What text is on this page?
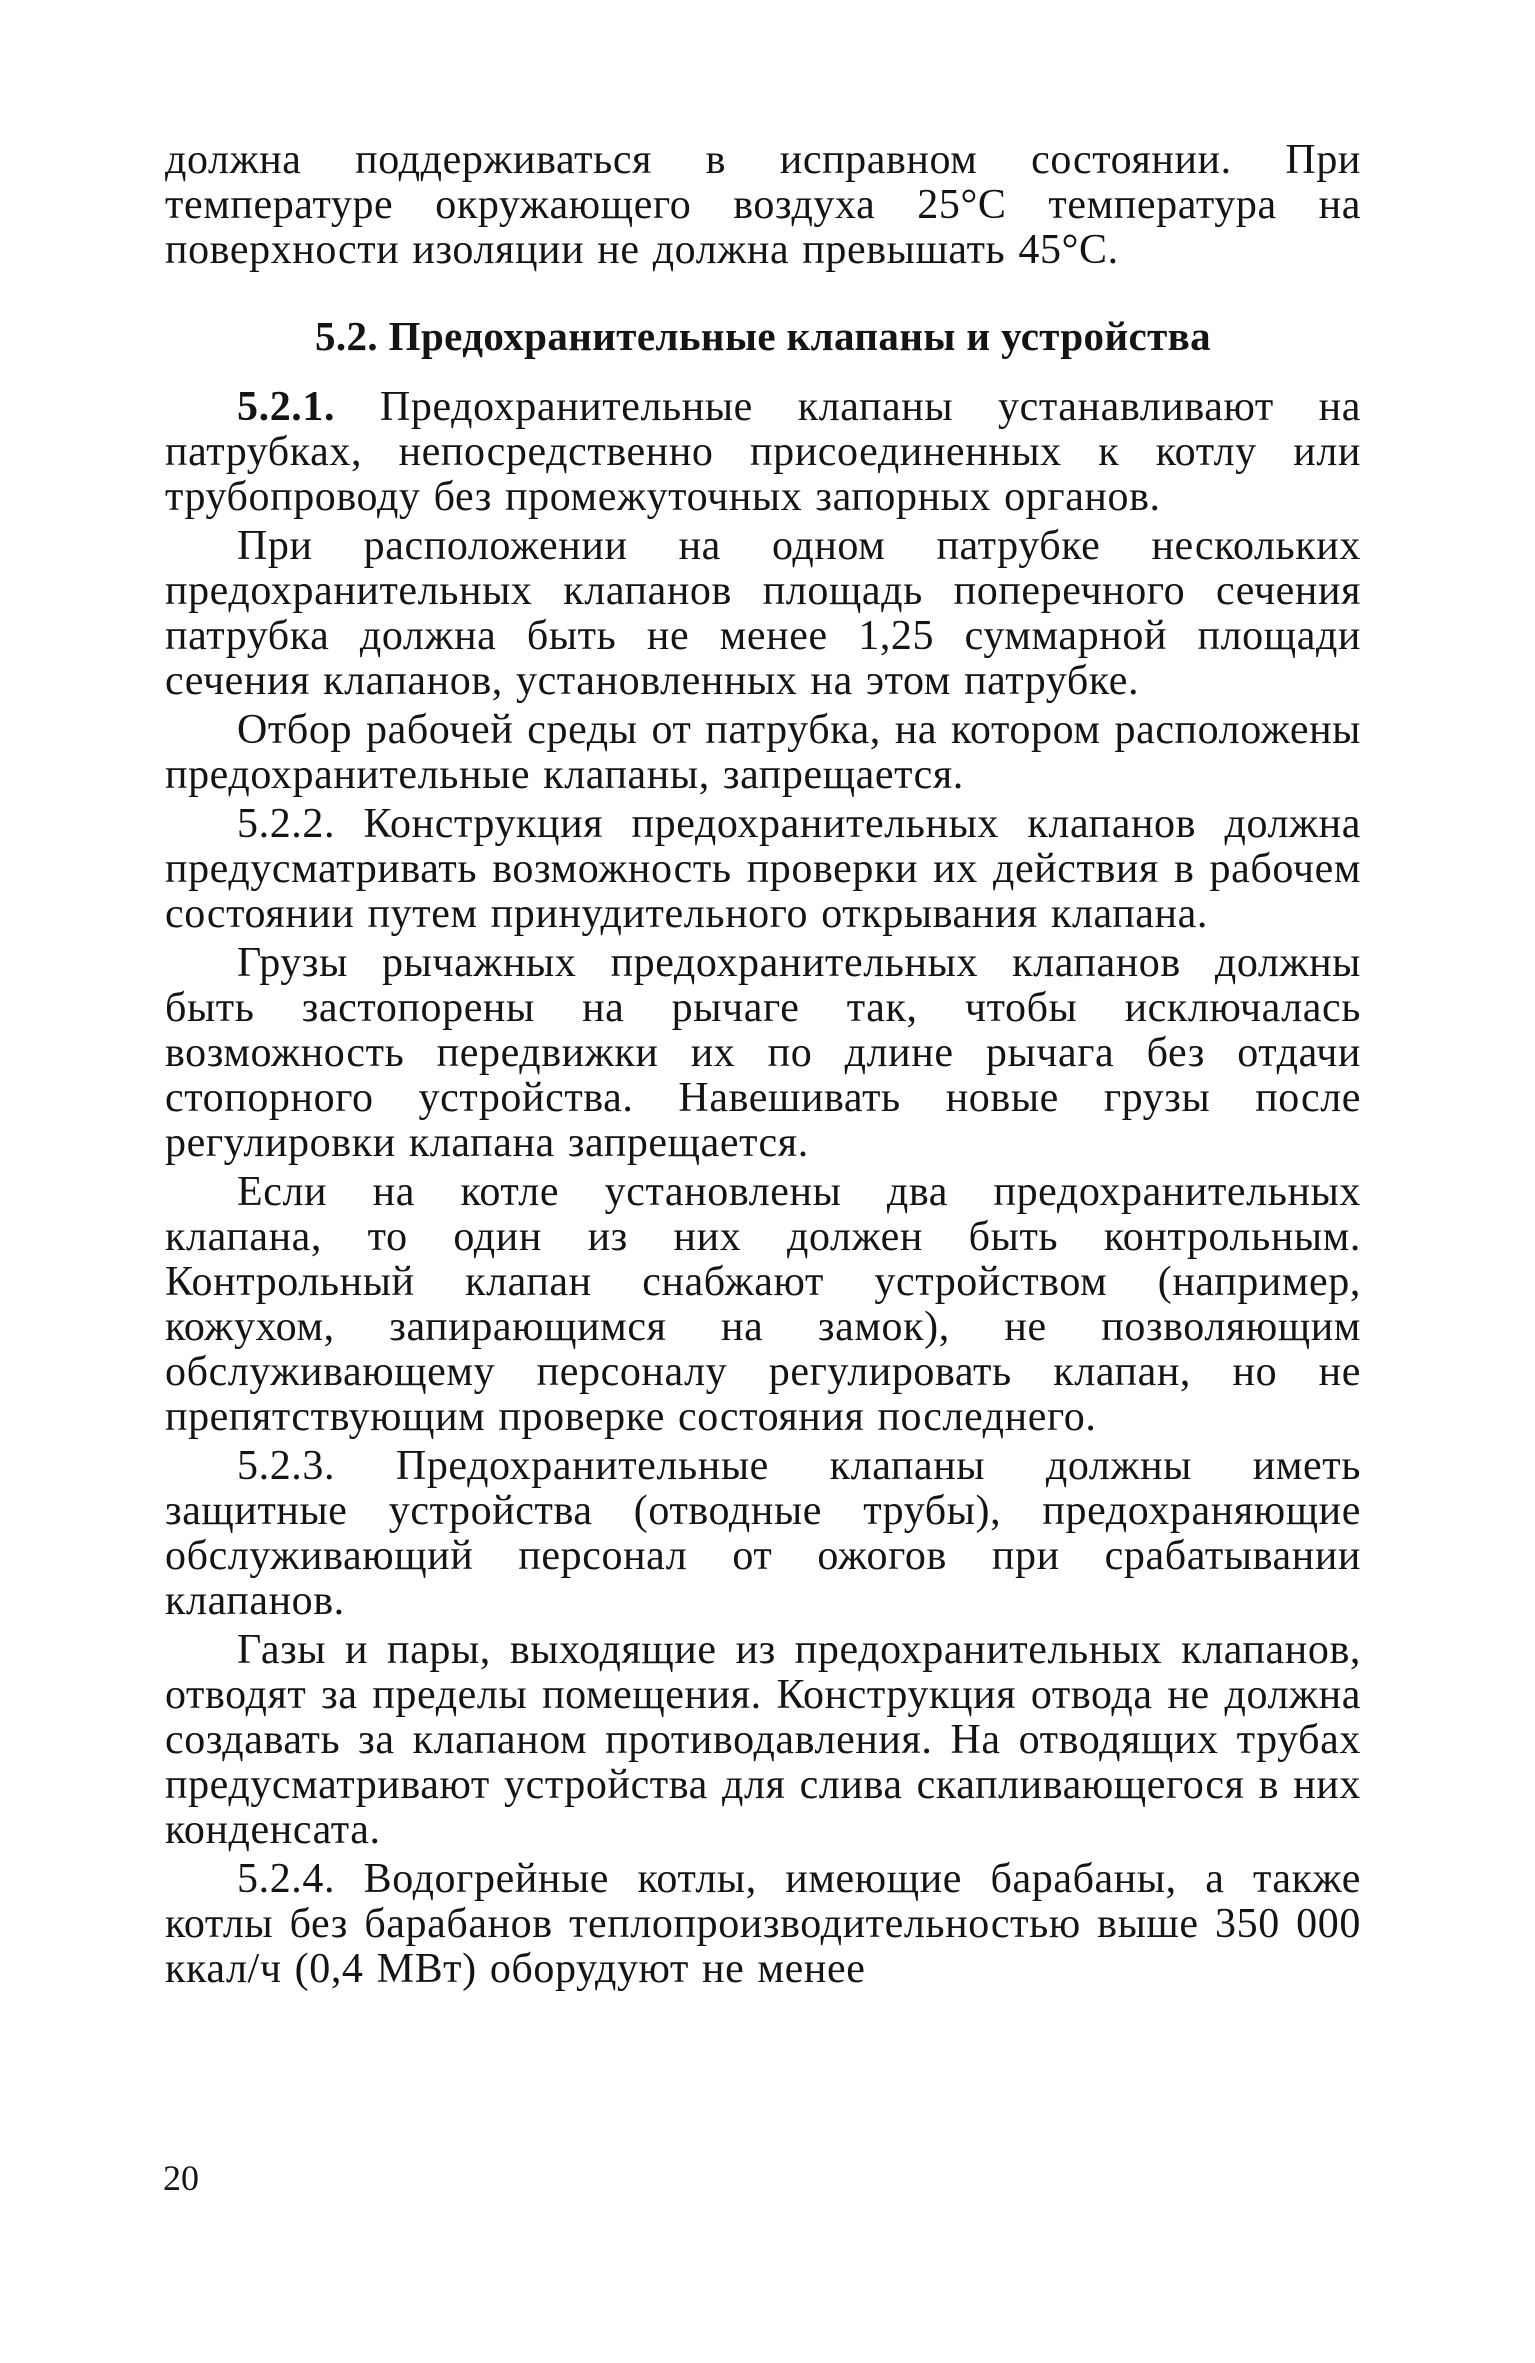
должна поддерживаться в исправном состоянии. При температуре окружающего воздуха 25°C температура на поверхности изоляции не должна превышать 45°C.

5.2. Предохранительные клапаны и устройства

5.2.1. Предохранительные клапаны устанавливают на патрубках, непосредственно присоединенных к котлу или трубопроводу без промежуточных запорных органов.

При расположении на одном патрубке нескольких предохранительных клапанов площадь поперечного сечения патрубка должна быть не менее 1,25 суммарной площади сечения клапанов, установленных на этом патрубке.

Отбор рабочей среды от патрубка, на котором расположены предохранительные клапаны, запрещается.

5.2.2. Конструкция предохранительных клапанов должна предусматривать возможность проверки их действия в рабочем состоянии путем принудительного открывания клапана.

Грузы рычажных предохранительных клапанов должны быть застопорены на рычаге так, чтобы исключалась возможность передвижки их по длине рычага без отдачи стопорного устройства. Навешивать новые грузы после регулировки клапана запрещается.

Если на котле установлены два предохранительных клапана, то один из них должен быть контрольным. Контрольный клапан снабжают устройством (например, кожухом, запирающимся на замок), не позволяющим обслуживающему персоналу регулировать клапан, но не препятствующим проверке состояния последнего.

5.2.3. Предохранительные клапаны должны иметь защитные устройства (отводные трубы), предохраняющие обслуживающий персонал от ожогов при срабатывании клапанов.

Газы и пары, выходящие из предохранительных клапанов, отводят за пределы помещения. Конструкция отвода не должна создавать за клапаном противодавления. На отводящих трубах предусматривают устройства для слива скапливающегося в них конденсата.

5.2.4. Водогрейные котлы, имеющие барабаны, а также котлы без барабанов теплопроизводительностью выше 350 000 ккал/ч (0,4 МВт) оборудуют не менее

20
